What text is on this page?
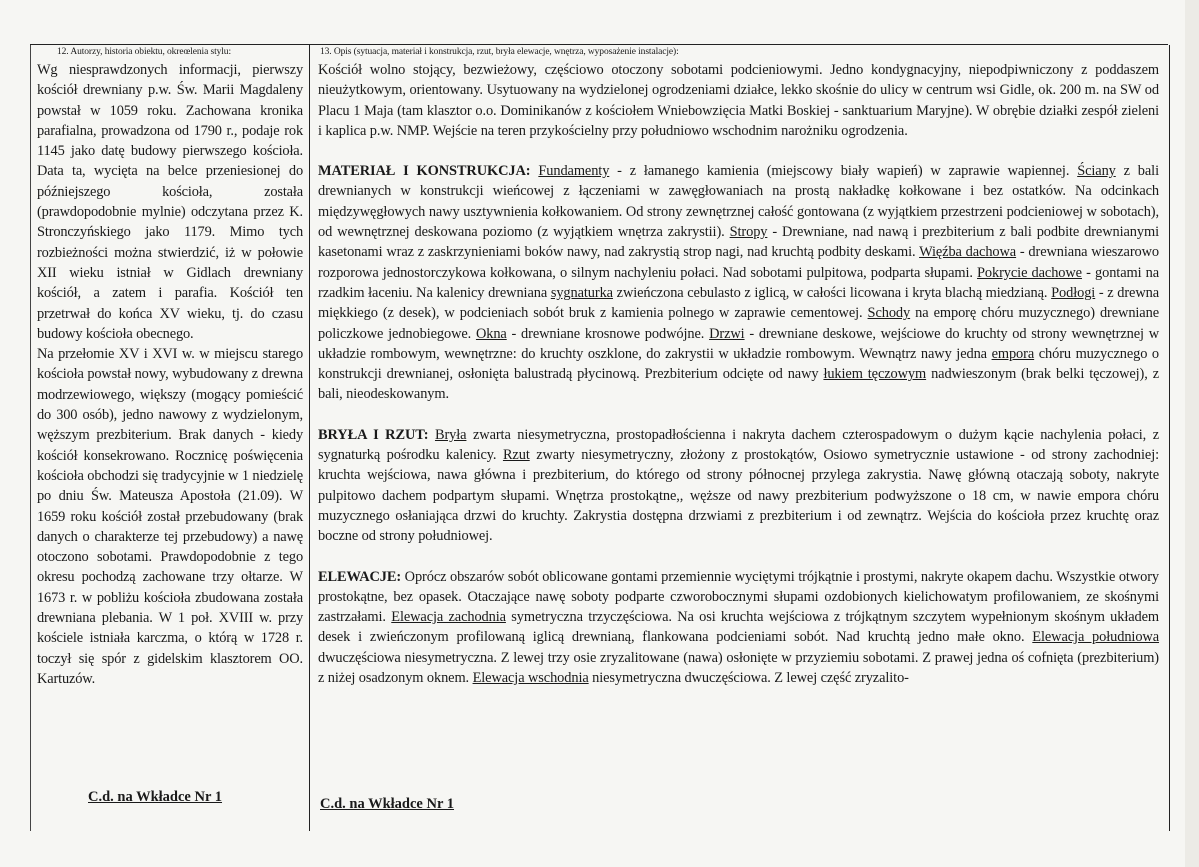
12. Autorzy, historia obiektu, okreœlenia stylu:

Wg niesprawdzonych informacji, pierwszy kościół drewniany p.w. Św. Marii Magdaleny powstał w 1059 roku. Zachowana kronika parafialna, prowadzona od 1790 r., podaje rok 1145 jako datę budowy pierwszego kościoła. Data ta, wycięta na belce przeniesionej do późniejszego kościoła, została (prawdopodobnie mylnie) odczytana przez K. Stronczyńskiego jako 1179. Mimo tych rozbieżności można stwierdzić, iż w połowie XII wieku istniał w Gidlach drewniany kościół, a zatem i parafia. Kościół ten przetrwał do końca XV wieku, tj. do czasu budowy kościoła obecnego.
Na przełomie XV i XVI w. w miejscu starego kościoła powstał nowy, wybudowany z drewna modrzewiowego, większy (mogący pomieścić do 300 osób), jedno nawowy z wydzielonym, węższym prezbiterium. Brak danych - kiedy kościół konsekrowano. Rocznicę poświęcenia kościoła obchodzi się tradycyjnie w 1 niedzielę po dniu Św. Mateusza Apostoła (21.09). W 1659 roku kościół został przebudowany (brak danych o charakterze tej przebudowy) a nawę otoczono sobotami. Prawdopodobnie z tego okresu pochodzą zachowane trzy ołtarze. W 1673 r. w pobliżu kościoła zbudowana została drewniana plebania. W 1 poł. XVIII w. przy kościele istniała karczma, o którą w 1728 r. toczył się spór z gidelskim klasztorem OO. Kartuzów.

13. Opis (sytuacja, materiał i konstrukcja, rzut, bryła elewacje, wnętrza, wyposażenie instalacje):

Kościół wolno stojący, bezwieżowy, częściowo otoczony sobotami podcieniowymi. Jedno kondygnacyjny, niepodpiwniczony z poddaszem nieużytkowym, orientowany. Usytuowany na wydzielonej ogrodzeniami działce, lekko skośnie do ulicy w centrum wsi Gidle, ok. 200 m. na SW od Placu 1 Maja (tam klasztor o.o. Dominikanów z kościołem Wniebowzięcia Matki Boskiej - sanktuarium Maryjne). W obrębie działki zespół zieleni i kaplica p.w. NMP. Wejście na teren przykościelny przy południowo wschodnim narożniku ogrodzenia.

MATERIAŁ I KONSTRUKCJA: Fundamenty - z łamanego kamienia (miejscowy biały wapień) w zaprawie wapiennej. Ściany z bali drewnianych w konstrukcji wieńcowej z łączeniami w zawęgłowaniach na prostą nakładkę kołkowane i bez ostatków. Na odcinkach międzywęgłowych nawy usztywnienia kołkowaniem. Od strony zewnętrznej całość gontowana (z wyjątkiem przestrzeni podcieniowej w sobotach), od wewnętrznej deskowana poziomo (z wyjątkiem wnętrza zakrystii). Stropy - Drewniane, nad nawą i prezbiterium z bali podbite drewnianymi kasetonami wraz z zaskrzynieniami boków nawy, nad zakrystią strop nagi, nad kruchtą podbity deskami. Więźba dachowa - drewniana wieszarowo rozporowa jednostorczykowa kołkowana, o silnym nachyleniu połaci. Nad sobotami pulpitowa, podparta słupami. Pokrycie dachowe - gontami na rzadkim łaceniu. Na kalenicy drewniana sygnaturka zwieńczona cebulasto z iglicą, w całości licowana i kryta blachą miedzianą. Podłogi - z drewna miękkiego (z desek), w podcieniach sobót bruk z kamienia polnego w zaprawie cementowej. Schody na emporę chóru muzycznego) drewniane policzkowe jednobiegowe. Okna - drewniane krosnowe podwójne. Drzwi - drewniane deskowe, wejściowe do kruchty od strony wewnętrznej w układzie rombowym, wewnętrzne: do kruchty oszklone, do zakrystii w układzie rombowym. Wewnątrz nawy jedna empora chóru muzycznego o konstrukcji drewnianej, osłonięta balustradą płycinową. Prezbiterium odcięte od nawy łukiem tęczowym nadwieszonym (brak belki tęczowej), z bali, nieodeskowanym.

BRYŁA I RZUT: Bryła zwarta niesymetryczna, prostopadłościenna i nakryta dachem czterospadowym o dużym kącie nachylenia połaci, z sygnaturką pośrodku kalenicy. Rzut zwarty niesymetryczny, złożony z prostokątów, Osiowo symetrycznie ustawione - od strony zachodniej: kruchta wejściowa, nawa główna i prezbiterium, do którego od strony północnej przylega zakrystia. Nawę główną otaczają soboty, nakryte pulpitowo dachem podpartym słupami. Wnętrza prostokątne,, węższe od nawy prezbiterium podwyższone o 18 cm, w nawie empora chóru muzycznego osłaniająca drzwi do kruchty. Zakrystia dostępna drzwiami z prezbiterium i od zewnątrz. Wejścia do kościoła przez kruchtę oraz boczne od strony południowej.

ELEWACJE: Oprócz obszarów sobót oblicowane gontami przemiennie wyciętymi trójkątnie i prostymi, nakryte okapem dachu. Wszystkie otwory prostokątne, bez opasek. Otaczające nawę soboty podparte czworobocznymi słupami ozdobionych kielichowatym profilowaniem, ze skośnymi zastrzałami. Elewacja zachodnia symetryczna trzyczęściowa. Na osi kruchta wejściowa z trójkątnym szczytem wypełnionym skośnym układem desek i zwieńczonym profilowaną iglicą drewnianą, flankowana podcieniami sobót. Nad kruchtą jedno małe okno. Elewacja południowa dwuczęściowa niesymetryczna. Z lewej trzy osie zryzalitowane (nawa) osłonięte w przyziemiu sobotami. Z prawej jedna oś cofnięta (prezbiterium) z niżej osadzonym oknem. Elewacja wschodnia niesymetryczna dwuczęściowa. Z lewej część zryzalito-

C.d. na Wkładce Nr 1	C.d. na Wkładce Nr 1
